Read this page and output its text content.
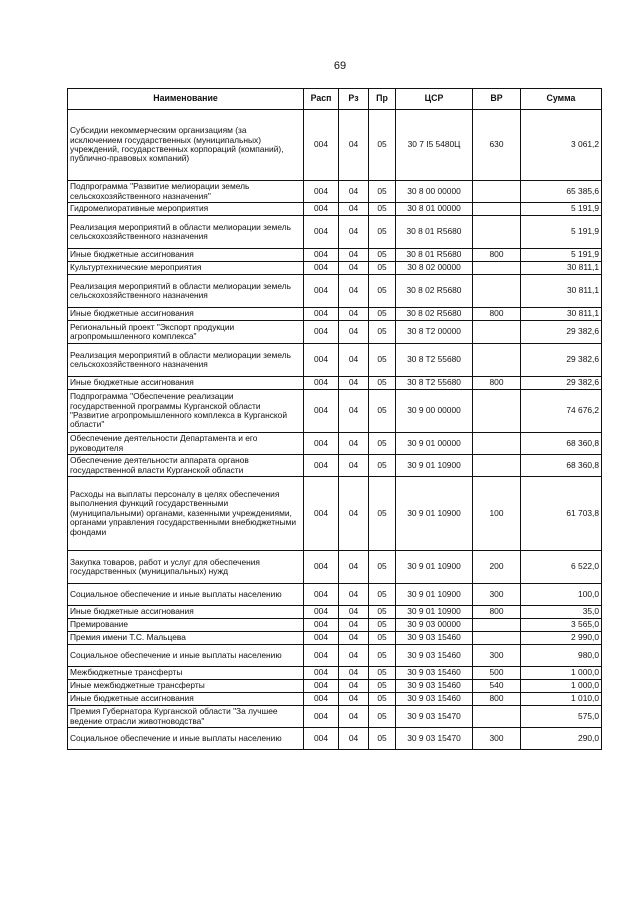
69
Наименование	Расп	Рз	Пр	ЦСР	ВР	Сумма
Субсидии некоммерческим организациям (за исключением государственных (муниципальных) учреждений, государственных корпораций (компаний), публично-правовых компаний)	004	04	05	30 7 I5 5480Ц	630	3 061,2
Подпрограмма "Развитие мелиорации земель сельскохозяйственного назначения"	004	04	05	30 8 00 00000		65 385,6
Гидромелиоративные мероприятия	004	04	05	30 8 01 00000		5 191,9
Реализация мероприятий в области мелиорации земель сельскохозяйственного назначения	004	04	05	30 8 01 R5680		5 191,9
Иные бюджетные ассигнования	004	04	05	30 8 01 R5680	800	5 191,9
Культуртехнические мероприятия	004	04	05	30 8 02 00000		30 811,1
Реализация мероприятий в области мелиорации земель сельскохозяйственного назначения	004	04	05	30 8 02 R5680		30 811,1
Иные бюджетные ассигнования	004	04	05	30 8 02 R5680	800	30 811,1
Региональный проект "Экспорт продукции агропромышленного комплекса"	004	04	05	30 8 T2 00000		29 382,6
Реализация мероприятий в области мелиорации земель сельскохозяйственного назначения	004	04	05	30 8 T2 55680		29 382,6
Иные бюджетные ассигнования	004	04	05	30 8 T2 55680	800	29 382,6
Подпрограмма "Обеспечение реализации государственной программы Курганской области "Развитие агропромышленного комплекса в Курганской области"	004	04	05	30 9 00 00000		74 676,2
Обеспечение деятельности Департамента и его руководителя	004	04	05	30 9 01 00000		68 360,8
Обеспечение деятельности аппарата органов государственной власти Курганской области	004	04	05	30 9 01 10900		68 360,8
Расходы на выплаты персоналу в целях обеспечения выполнения функций государственными (муниципальными) органами, казенными учреждениями, органами управления государственными внебюджетными фондами	004	04	05	30 9 01 10900	100	61 703,8
Закупка товаров, работ и услуг для обеспечения государственных (муниципальных) нужд	004	04	05	30 9 01 10900	200	6 522,0
Социальное обеспечение и иные выплаты населению	004	04	05	30 9 01 10900	300	100,0
Иные бюджетные ассигнования	004	04	05	30 9 01 10900	800	35,0
Премирование	004	04	05	30 9 03 00000		3 565,0
Премия имени Т.С. Мальцева	004	04	05	30 9 03 15460		2 990,0
Социальное обеспечение и иные выплаты населению	004	04	05	30 9 03 15460	300	980,0
Межбюджетные трансферты	004	04	05	30 9 03 15460	500	1 000,0
Иные межбюджетные трансферты	004	04	05	30 9 03 15460	540	1 000,0
Иные бюджетные ассигнования	004	04	05	30 9 03 15460	800	1 010,0
Премия Губернатора Курганской области "За лучшее ведение отрасли животноводства"	004	04	05	30 9 03 15470		575,0
Социальное обеспечение и иные выплаты населению	004	04	05	30 9 03 15470	300	290,0
